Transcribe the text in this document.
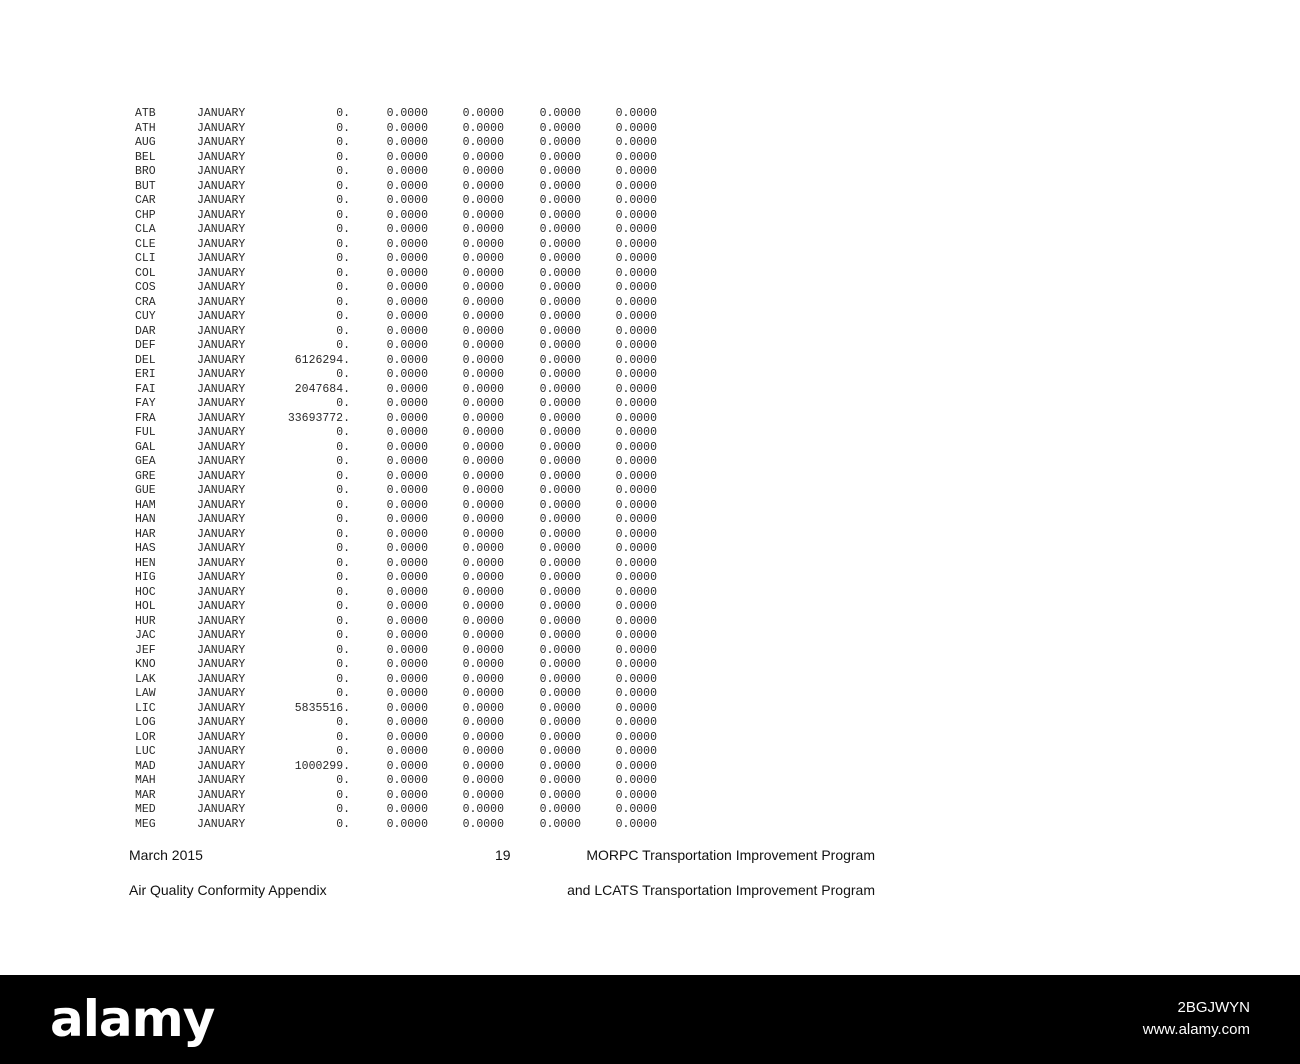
ATB	JANUARY	0.	0.0000	0.0000	0.0000	0.0000
ATH	JANUARY	0.	0.0000	0.0000	0.0000	0.0000
AUG	JANUARY	0.	0.0000	0.0000	0.0000	0.0000
BEL	JANUARY	0.	0.0000	0.0000	0.0000	0.0000
BRO	JANUARY	0.	0.0000	0.0000	0.0000	0.0000
BUT	JANUARY	0.	0.0000	0.0000	0.0000	0.0000
CAR	JANUARY	0.	0.0000	0.0000	0.0000	0.0000
CHP	JANUARY	0.	0.0000	0.0000	0.0000	0.0000
CLA	JANUARY	0.	0.0000	0.0000	0.0000	0.0000
CLE	JANUARY	0.	0.0000	0.0000	0.0000	0.0000
CLI	JANUARY	0.	0.0000	0.0000	0.0000	0.0000
COL	JANUARY	0.	0.0000	0.0000	0.0000	0.0000
COS	JANUARY	0.	0.0000	0.0000	0.0000	0.0000
CRA	JANUARY	0.	0.0000	0.0000	0.0000	0.0000
CUY	JANUARY	0.	0.0000	0.0000	0.0000	0.0000
DAR	JANUARY	0.	0.0000	0.0000	0.0000	0.0000
DEF	JANUARY	0.	0.0000	0.0000	0.0000	0.0000
DEL	JANUARY	6126294.	0.0000	0.0000	0.0000	0.0000
ERI	JANUARY	0.	0.0000	0.0000	0.0000	0.0000
FAI	JANUARY	2047684.	0.0000	0.0000	0.0000	0.0000
FAY	JANUARY	0.	0.0000	0.0000	0.0000	0.0000
FRA	JANUARY	33693772.	0.0000	0.0000	0.0000	0.0000
FUL	JANUARY	0.	0.0000	0.0000	0.0000	0.0000
GAL	JANUARY	0.	0.0000	0.0000	0.0000	0.0000
GEA	JANUARY	0.	0.0000	0.0000	0.0000	0.0000
GRE	JANUARY	0.	0.0000	0.0000	0.0000	0.0000
GUE	JANUARY	0.	0.0000	0.0000	0.0000	0.0000
HAM	JANUARY	0.	0.0000	0.0000	0.0000	0.0000
HAN	JANUARY	0.	0.0000	0.0000	0.0000	0.0000
HAR	JANUARY	0.	0.0000	0.0000	0.0000	0.0000
HAS	JANUARY	0.	0.0000	0.0000	0.0000	0.0000
HEN	JANUARY	0.	0.0000	0.0000	0.0000	0.0000
HIG	JANUARY	0.	0.0000	0.0000	0.0000	0.0000
HOC	JANUARY	0.	0.0000	0.0000	0.0000	0.0000
HOL	JANUARY	0.	0.0000	0.0000	0.0000	0.0000
HUR	JANUARY	0.	0.0000	0.0000	0.0000	0.0000
JAC	JANUARY	0.	0.0000	0.0000	0.0000	0.0000
JEF	JANUARY	0.	0.0000	0.0000	0.0000	0.0000
KNO	JANUARY	0.	0.0000	0.0000	0.0000	0.0000
LAK	JANUARY	0.	0.0000	0.0000	0.0000	0.0000
LAW	JANUARY	0.	0.0000	0.0000	0.0000	0.0000
LIC	JANUARY	5835516.	0.0000	0.0000	0.0000	0.0000
LOG	JANUARY	0.	0.0000	0.0000	0.0000	0.0000
LOR	JANUARY	0.	0.0000	0.0000	0.0000	0.0000
LUC	JANUARY	0.	0.0000	0.0000	0.0000	0.0000
MAD	JANUARY	1000299.	0.0000	0.0000	0.0000	0.0000
MAH	JANUARY	0.	0.0000	0.0000	0.0000	0.0000
MAR	JANUARY	0.	0.0000	0.0000	0.0000	0.0000
MED	JANUARY	0.	0.0000	0.0000	0.0000	0.0000
MEG	JANUARY	0.	0.0000	0.0000	0.0000	0.0000
March 2015	19	MORPC Transportation Improvement Program
Air Quality Conformity Appendix	and LCATS Transportation Improvement Program
alamy	2BGJWYN
www.alamy.com
